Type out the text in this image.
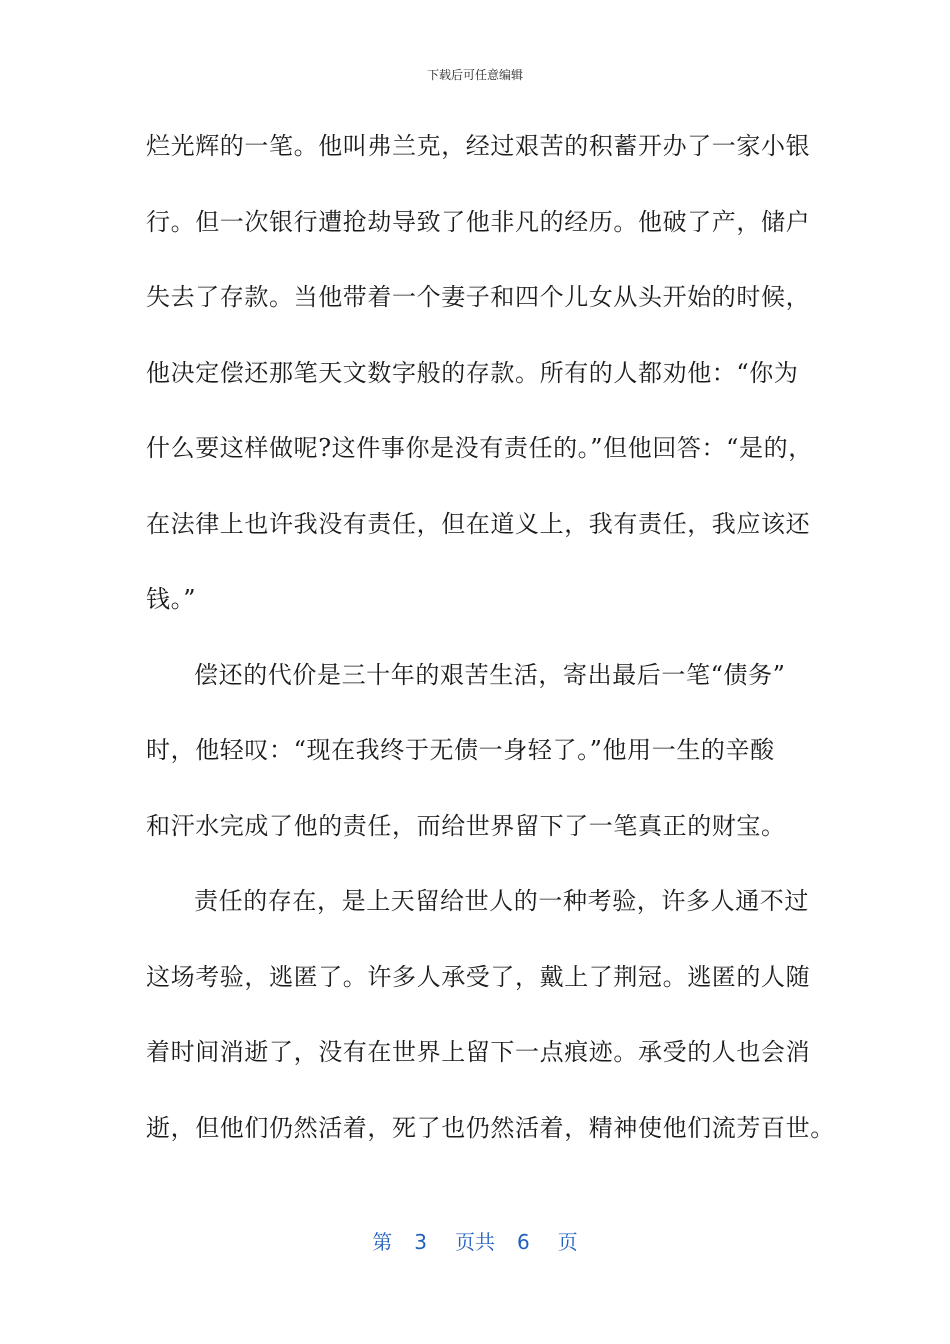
下载后可任意编辑
烂光辉的一笔。他叫弗兰克，经过艰苦的积蓄开办了一家小银
行。但一次银行遭抢劫导致了他非凡的经历。他破了产，储户
失去了存款。当他带着一个妻子和四个儿女从头开始的时候，
他决定偿还那笔天文数字般的存款。所有的人都劝他：“你为
什么要这样做呢?这件事你是没有责任的。”但他回答：“是的，
在法律上也许我没有责任，但在道义上，我有责任，我应该还
钱。”
偿还的代价是三十年的艰苦生活，寄出最后一笔“债务”
时，他轻叹：“现在我终于无债一身轻了。”他用一生的辛酸
和汗水完成了他的责任，而给世界留下了一笔真正的财宝。
责任的存在，是上天留给世人的一种考验，许多人通不过
这场考验，逃匿了。许多人承受了，戴上了荆冠。逃匿的人随
着时间消逝了，没有在世界上留下一点痕迹。承受的人也会消
逝，但他们仍然活着，死了也仍然活着，精神使他们流芳百世。
第 3 页共 6 页
